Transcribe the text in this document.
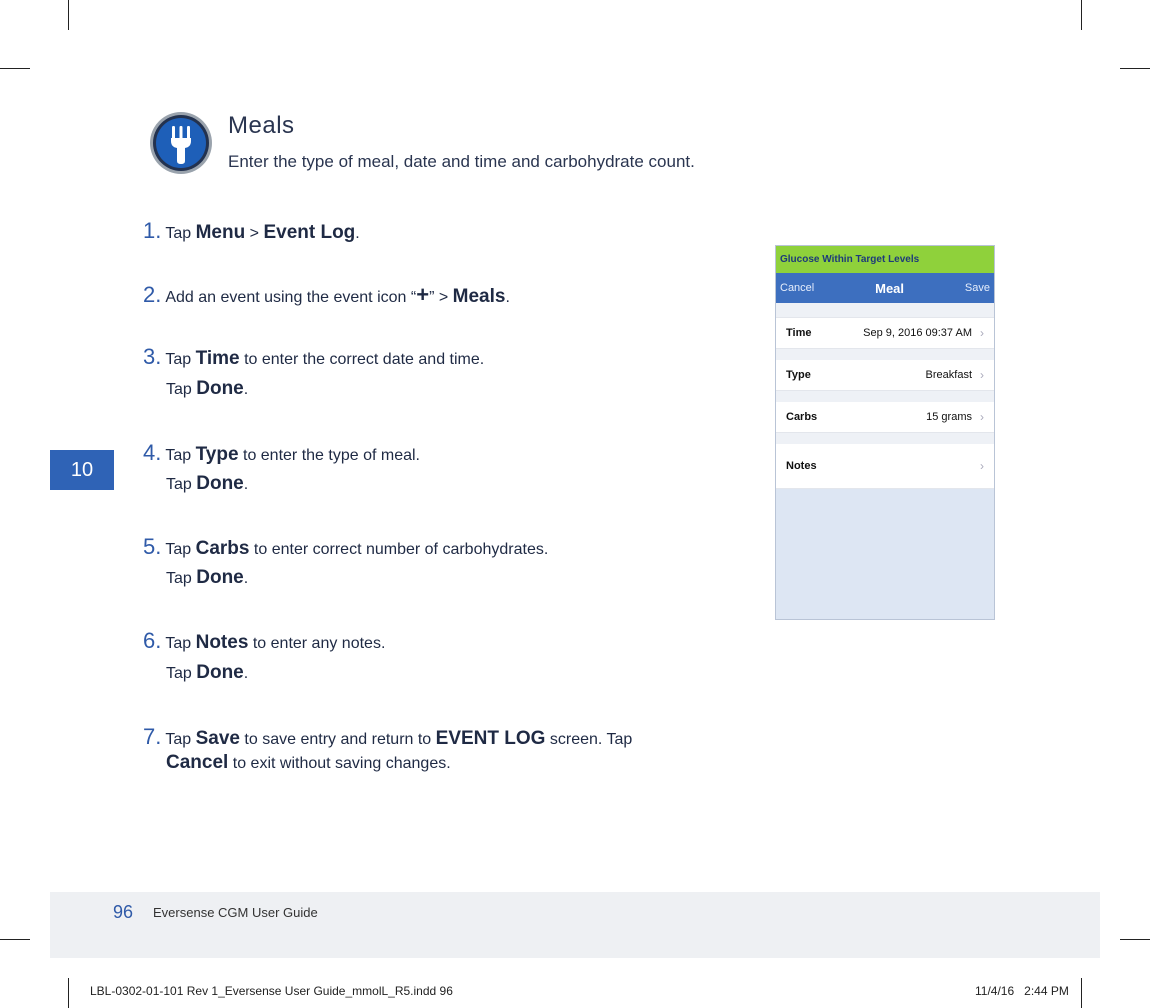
Meals
Enter the type of meal, date and time and carbohydrate count.
1. Tap Menu > Event Log.
2. Add an event using the event icon “+” > Meals.
3. Tap Time to enter the correct date and time.
Tap Done.
4. Tap Type to enter the type of meal.
Tap Done.
5. Tap Carbs to enter correct number of carbohydrates.
Tap Done.
6. Tap Notes to enter any notes.
Tap Done.
7. Tap Save to save entry and return to EVENT LOG screen. Tap
Cancel to exit without saving changes.
10
Glucose Within Target Levels
Cancel	Meal	Save
Time	Sep 9, 2016 09:37 AM ›
Type	Breakfast ›
Carbs	15 grams ›
Notes	›
96 Eversense CGM User Guide
LBL-0302-01-101 Rev 1_Eversense User Guide_mmolL_R5.indd 96	11/4/16   2:44 PM
